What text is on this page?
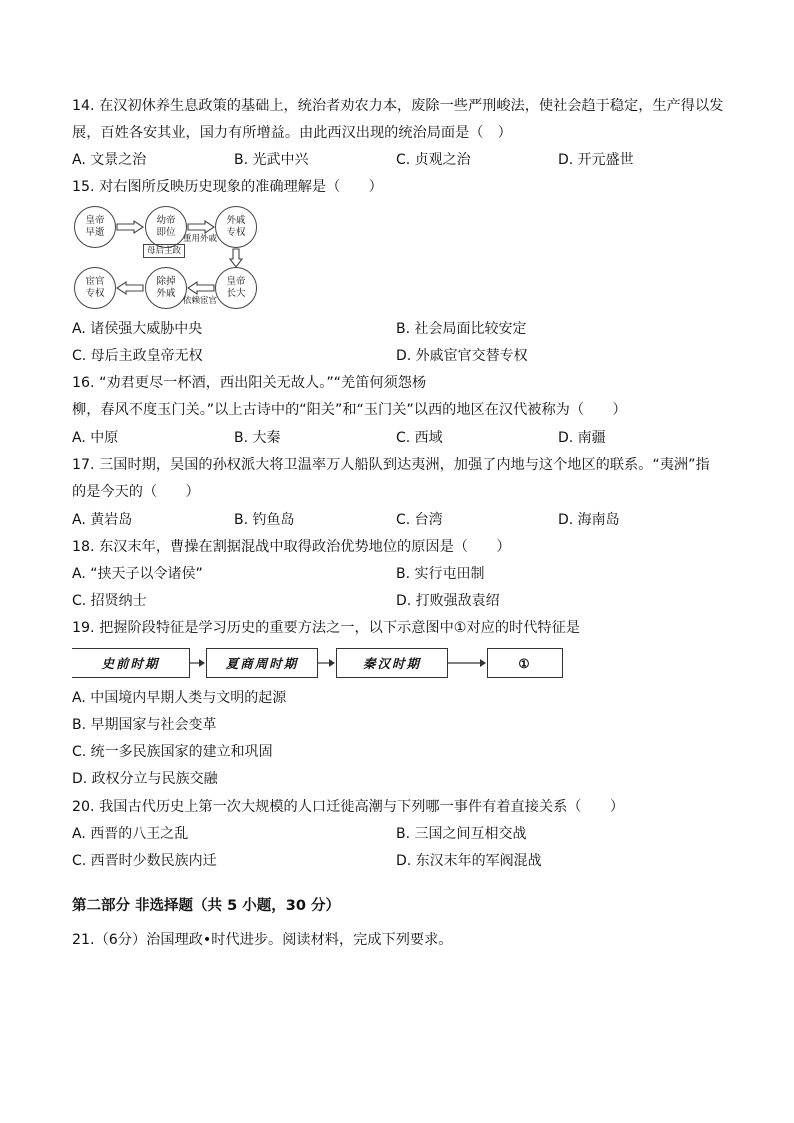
14. 在汉初休养生息政策的基础上，统治者劝农力本，废除一些严刑峻法，使社会趋于稳定，生产得以发
展，百姓各安其业，国力有所增益。由此西汉出现的统治局面是（　）
A. 文景之治	B. 光武中兴	C. 贞观之治	D. 开元盛世
15. 对右图所反映历史现象的准确理解是（　　）
皇帝
早逝
幼帝
即位
外戚
专权
皇帝
长大
除掉
外戚
宦官
专权
母后主政
重用外戚
依赖宦官
A. 诸侯强大威胁中央	B. 社会局面比较安定
C. 母后主政皇帝无权	D. 外戚宦官交替专权
16. “劝君更尽一杯酒，西出阳关无故人。”“羌笛何须怨杨
柳，春风不度玉门关。”以上古诗中的“阳关”和“玉门关”以西的地区在汉代被称为（　　）
A. 中原	B. 大秦	C. 西域	D. 南疆
17. 三国时期，吴国的孙权派大将卫温率万人船队到达夷洲，加强了内地与这个地区的联系。“夷洲”指
的是今天的（　　）
A. 黄岩岛	B. 钓鱼岛	C. 台湾	D. 海南岛
18. 东汉末年，曹操在割据混战中取得政治优势地位的原因是（　　）
A. “挟天子以令诸侯”	B. 实行屯田制
C. 招贤纳士	D. 打败强敌袁绍
19. 把握阶段特征是学习历史的重要方法之一，以下示意图中①对应的时代特征是
史前时期	夏商周时期	秦汉时期	①
A. 中国境内早期人类与文明的起源
B. 早期国家与社会变革
C. 统一多民族国家的建立和巩固
D. 政权分立与民族交融
20. 我国古代历史上第一次大规模的人口迁徙高潮与下列哪一事件有着直接关系（　　）
A. 西晋的八王之乱	B. 三国之间互相交战
C. 西晋时少数民族内迁	D. 东汉末年的军阀混战
第二部分 非选择题（共 5 小题，30 分）
21.（6分）治国理政•时代进步。阅读材料，完成下列要求。
